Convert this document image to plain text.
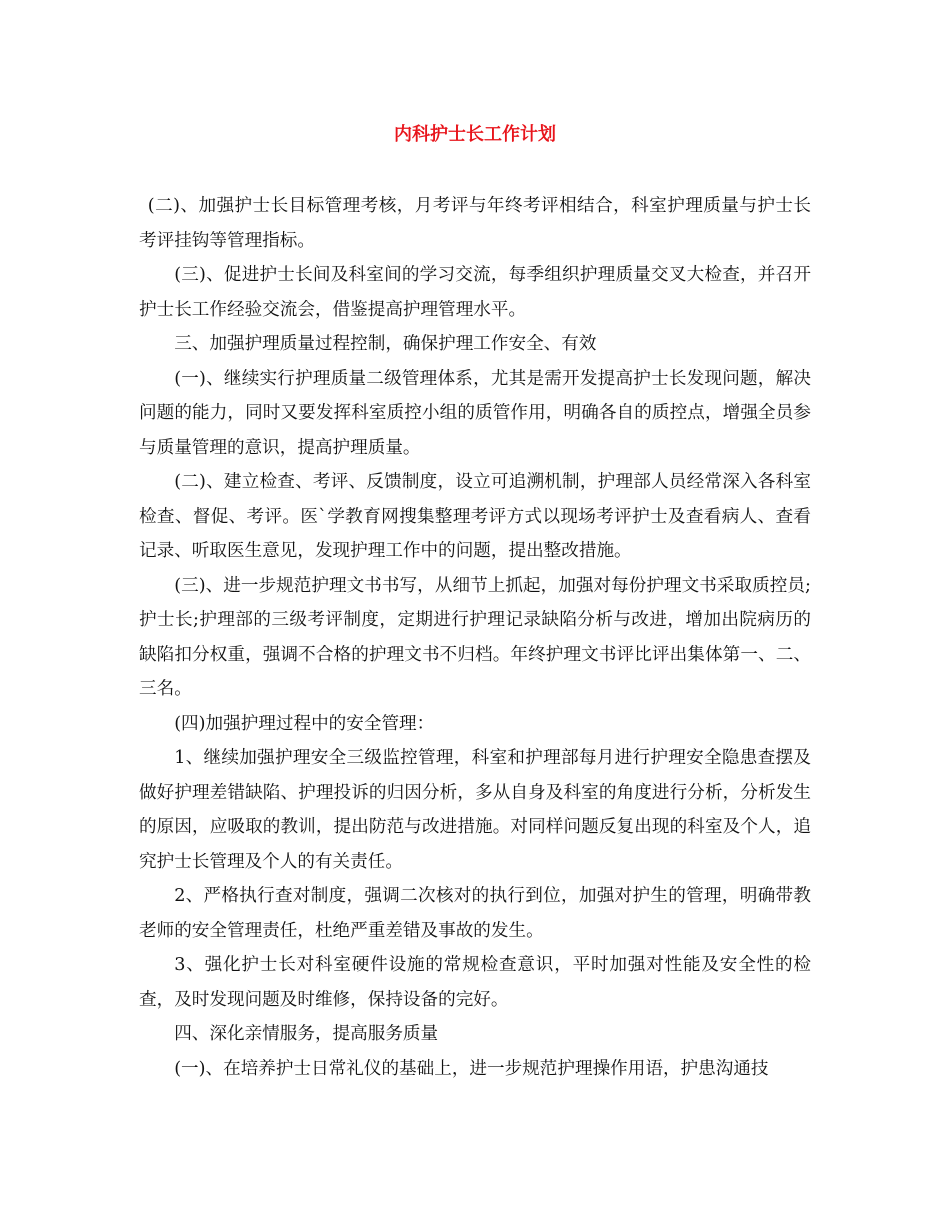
内科护士长工作计划

(二)、加强护士长目标管理考核，月考评与年终考评相结合，科室护理质量与护士长考评挂钩等管理指标。

(三)、促进护士长间及科室间的学习交流，每季组织护理质量交叉大检查，并召开护士长工作经验交流会，借鉴提高护理管理水平。

三、加强护理质量过程控制，确保护理工作安全、有效

(一)、继续实行护理质量二级管理体系，尤其是需开发提高护士长发现问题，解决问题的能力，同时又要发挥科室质控小组的质管作用，明确各自的质控点，增强全员参与质量管理的意识，提高护理质量。

(二)、建立检查、考评、反馈制度，设立可追溯机制，护理部人员经常深入各科室检查、督促、考评。医`学教育网搜集整理考评方式以现场考评护士及查看病人、查看记录、听取医生意见，发现护理工作中的问题，提出整改措施。

(三)、进一步规范护理文书书写，从细节上抓起，加强对每份护理文书采取质控员;护士长;护理部的三级考评制度，定期进行护理记录缺陷分析与改进，增加出院病历的缺陷扣分权重，强调不合格的护理文书不归档。年终护理文书评比评出集体第一、二、三名。

(四)加强护理过程中的安全管理：

1、继续加强护理安全三级监控管理，科室和护理部每月进行护理安全隐患查摆及做好护理差错缺陷、护理投诉的归因分析，多从自身及科室的角度进行分析，分析发生的原因，应吸取的教训，提出防范与改进措施。对同样问题反复出现的科室及个人，追究护士长管理及个人的有关责任。

2、严格执行查对制度，强调二次核对的执行到位，加强对护生的管理，明确带教老师的安全管理责任，杜绝严重差错及事故的发生。

3、强化护士长对科室硬件设施的常规检查意识，平时加强对性能及安全性的检查，及时发现问题及时维修，保持设备的完好。

四、深化亲情服务，提高服务质量

(一)、在培养护士日常礼仪的基础上，进一步规范护理操作用语，护患沟通技
